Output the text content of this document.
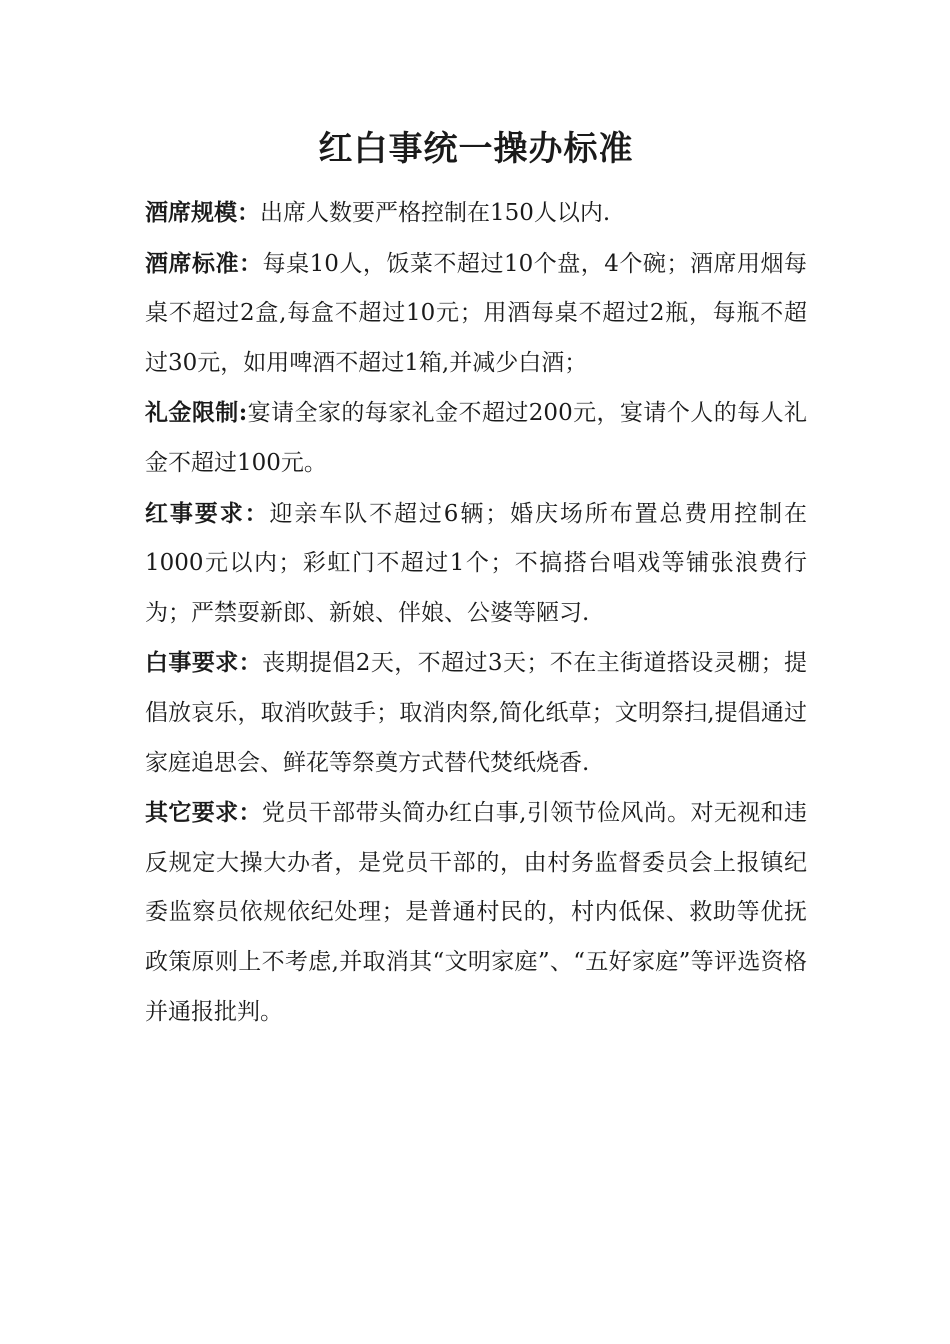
红白事统一操办标准

酒席规模：出席人数要严格控制在150人以内.

酒席标准：每桌10人，饭菜不超过10个盘，4个碗；酒席用烟每桌不超过2盒,每盒不超过10元；用酒每桌不超过2瓶，每瓶不超过30元，如用啤酒不超过1箱,并减少白酒；

礼金限制:宴请全家的每家礼金不超过200元，宴请个人的每人礼金不超过100元。

红事要求：迎亲车队不超过6辆；婚庆场所布置总费用控制在1000元以内；彩虹门不超过1个；不搞搭台唱戏等铺张浪费行为；严禁耍新郎、新娘、伴娘、公婆等陋习.

白事要求：丧期提倡2天，不超过3天；不在主街道搭设灵棚；提倡放哀乐，取消吹鼓手；取消肉祭,简化纸草；文明祭扫,提倡通过家庭追思会、鲜花等祭奠方式替代焚纸烧香.

其它要求：党员干部带头简办红白事,引领节俭风尚。对无视和违反规定大操大办者，是党员干部的，由村务监督委员会上报镇纪委监察员依规依纪处理；是普通村民的，村内低保、救助等优抚政策原则上不考虑,并取消其“文明家庭”、“五好家庭”等评选资格并通报批判。
